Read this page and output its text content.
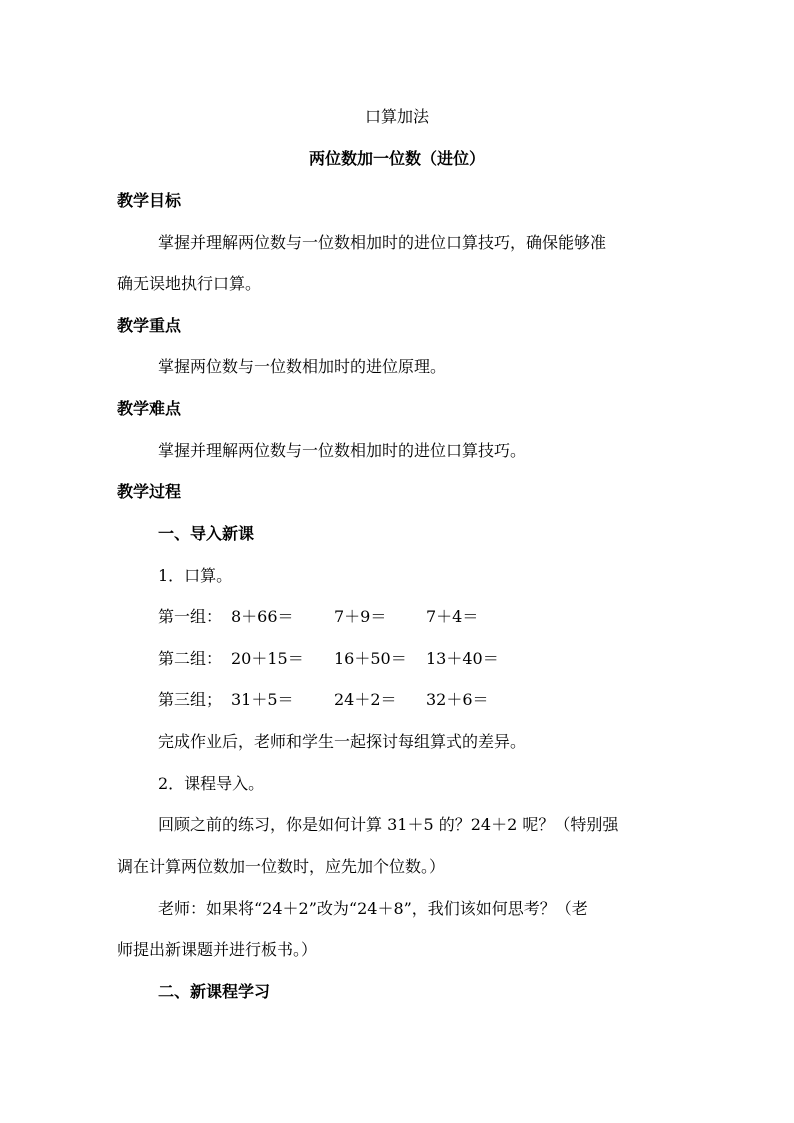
口算加法
两位数加一位数（进位）
教学目标
掌握并理解两位数与一位数相加时的进位口算技巧，确保能够准
确无误地执行口算。
教学重点
掌握两位数与一位数相加时的进位原理。
教学难点
掌握并理解两位数与一位数相加时的进位口算技巧。
教学过程
一、导入新课
1．口算。
第一组： 8＋66＝	7＋9＝ 7＋4＝
第二组： 20＋15＝ 16＋50＝ 13＋40＝
第三组； 31＋5＝	24＋2＝ 32＋6＝
完成作业后，老师和学生一起探讨每组算式的差异。
2．课程导入。
回顾之前的练习，你是如何计算 31＋5 的？24＋2 呢？（特别强
调在计算两位数加一位数时，应先加个位数。）
老师：如果将“24＋2”改为“24＋8”，我们该如何思考？（老
师提出新课题并进行板书。）
二、新课程学习
